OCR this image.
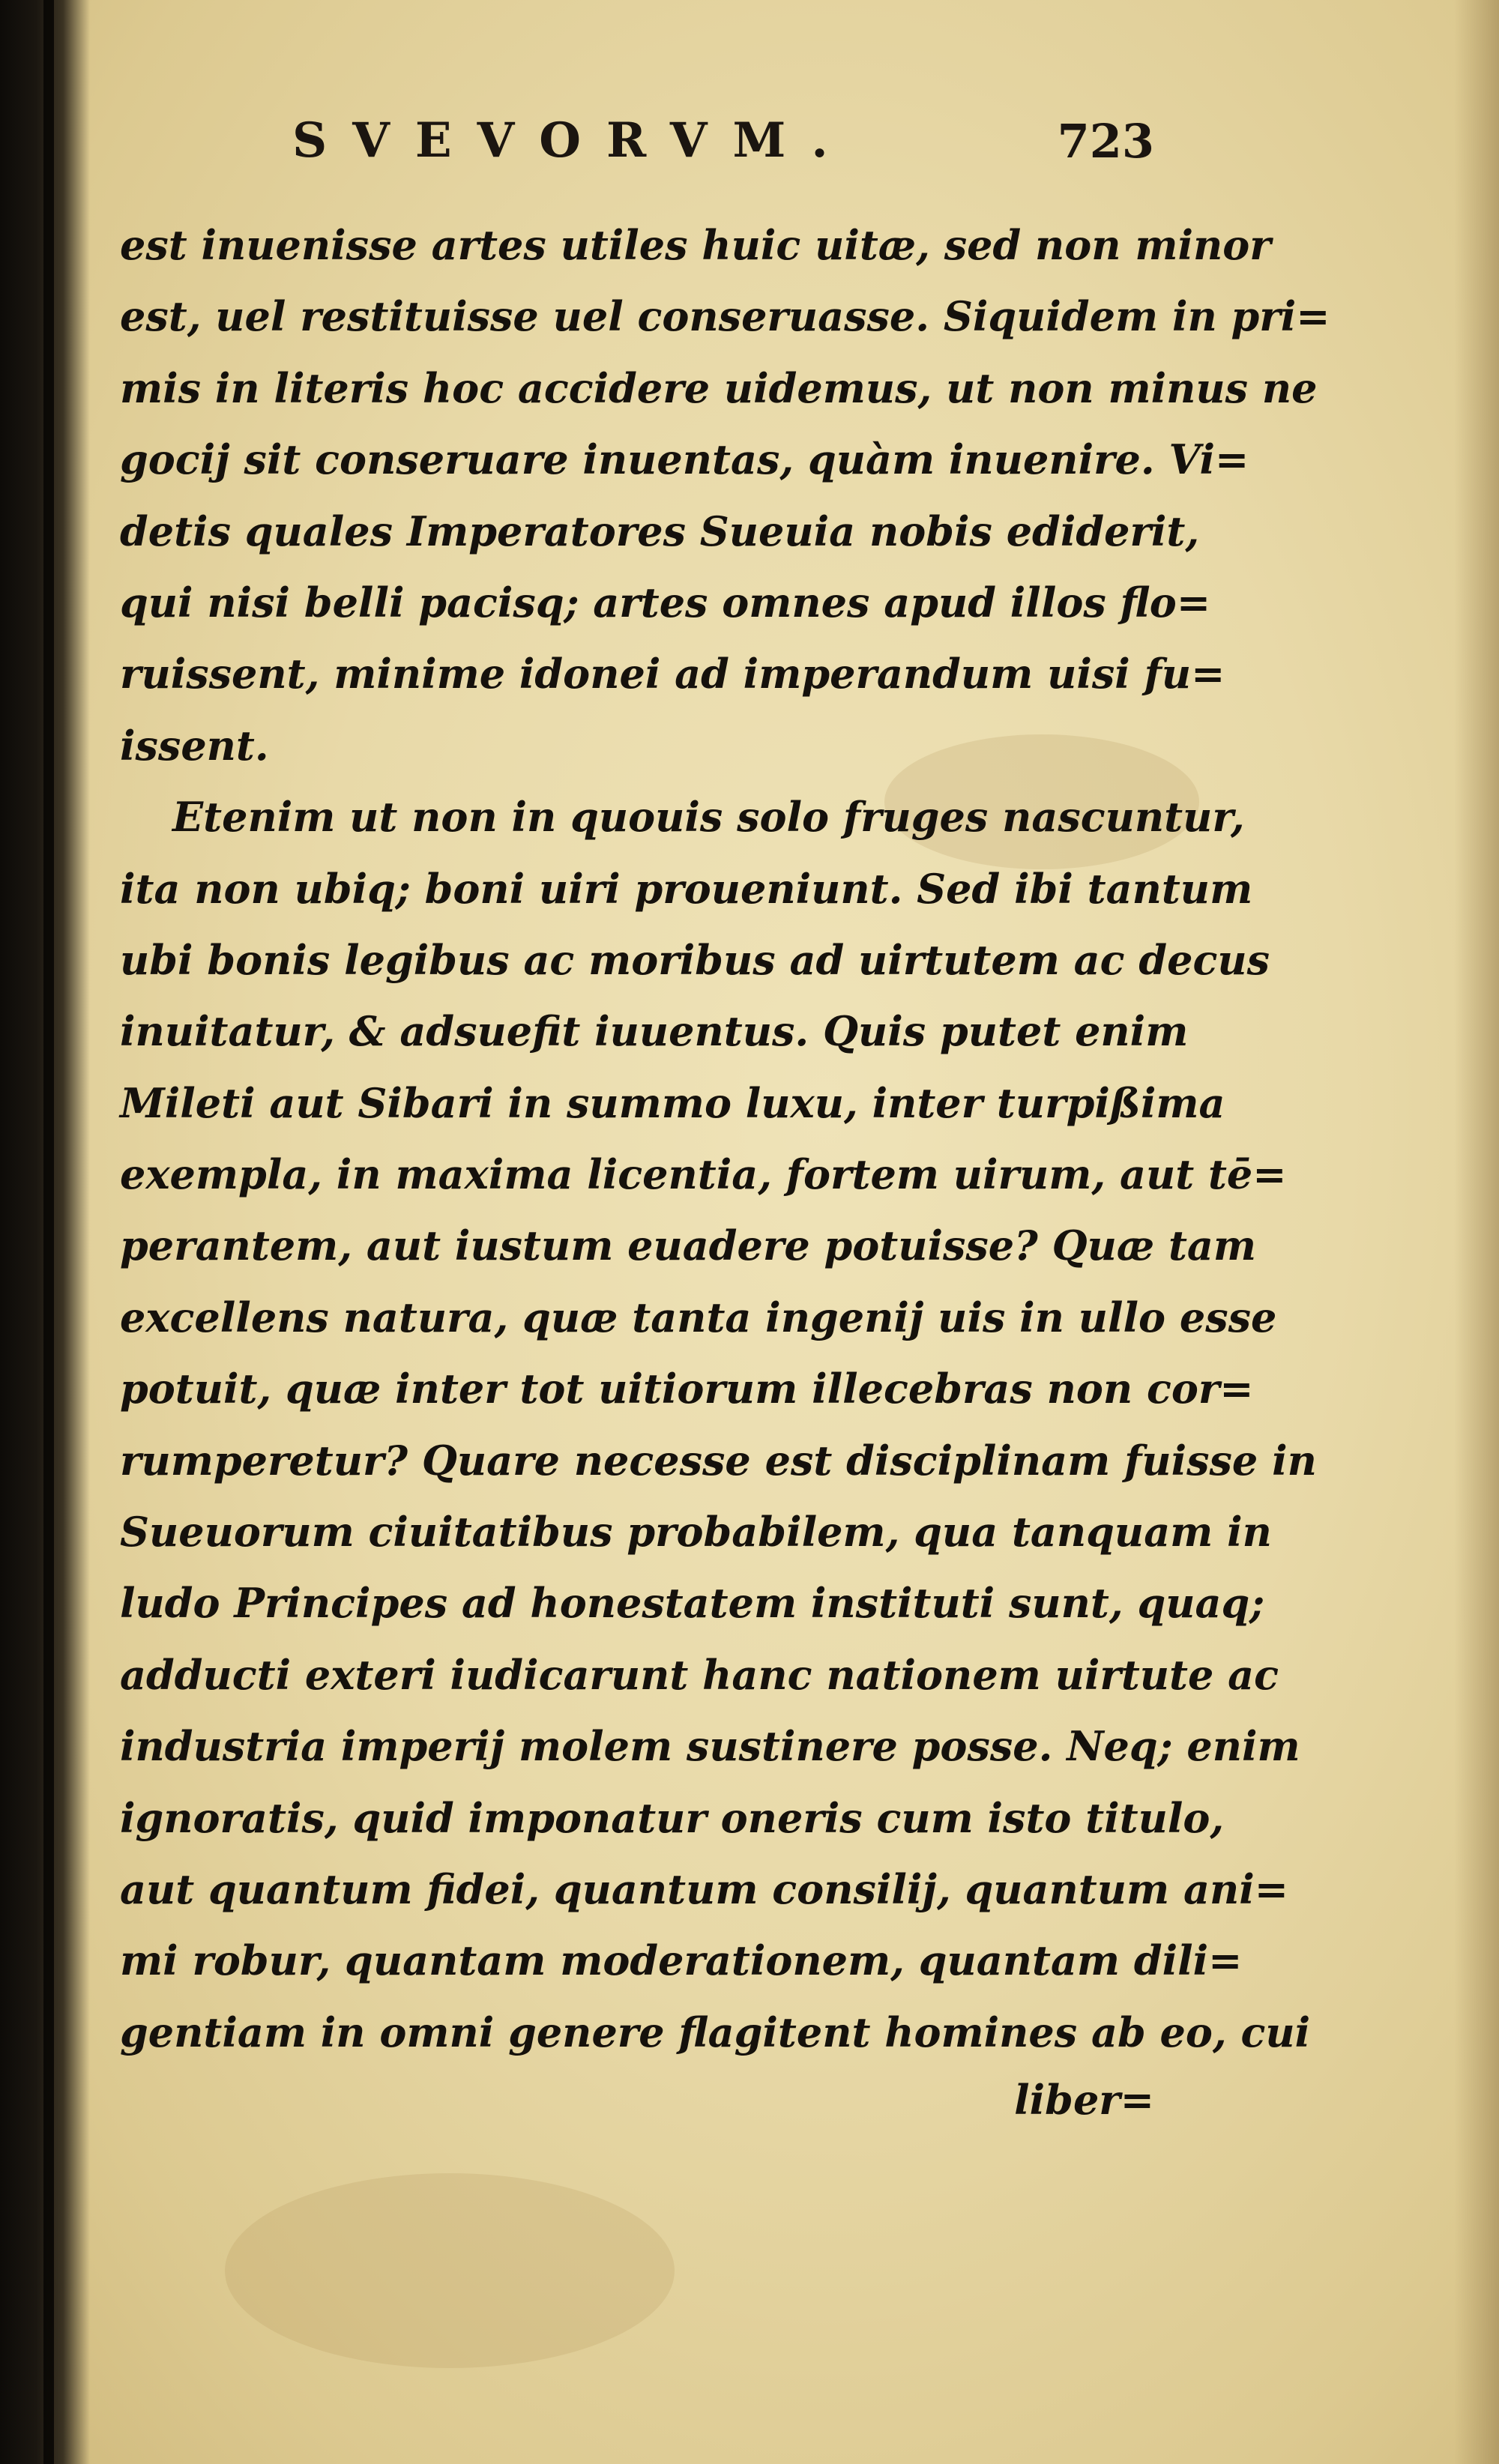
SVEVORVM.	723
est inuenisse artes utiles huic uitæ, sed non minor
est, uel restituisse uel conseruasse. Siquidem in pri=
mis in literis hoc accidere uidemus, ut non minus ne
gocij sit conseruare inuentas, quàm inuenire. Vi=
detis quales Imperatores Sueuia nobis ediderit,
qui nisi belli pacisq; artes omnes apud illos flo=
ruissent, minime idonei ad imperandum uisi fu=
issent.
Etenim ut non in quouis solo fruges nascuntur,
ita non ubiq; boni uiri proueniunt. Sed ibi tantum
ubi bonis legibus ac moribus ad uirtutem ac decus
inuitatur, & adsuefit iuuentus. Quis putet enim
Mileti aut Sibari in summo luxu, inter turpißima
exempla, in maxima licentia, fortem uirum, aut tē=
perantem, aut iustum euadere potuisse? Quæ tam
excellens natura, quæ tanta ingenij uis in ullo esse
potuit, quæ inter tot uitiorum illecebras non cor=
rumperetur? Quare necesse est disciplinam fuisse in
Sueuorum ciuitatibus probabilem, qua tanquam in
ludo Principes ad honestatem instituti sunt, quaq;
adducti exteri iudicarunt hanc nationem uirtute ac
industria imperij molem sustinere posse. Neq; enim
ignoratis, quid imponatur oneris cum isto titulo,
aut quantum fidei, quantum consilij, quantum ani=
mi robur, quantam moderationem, quantam dili=
gentiam in omni genere flagitent homines ab eo, cui
liber=
